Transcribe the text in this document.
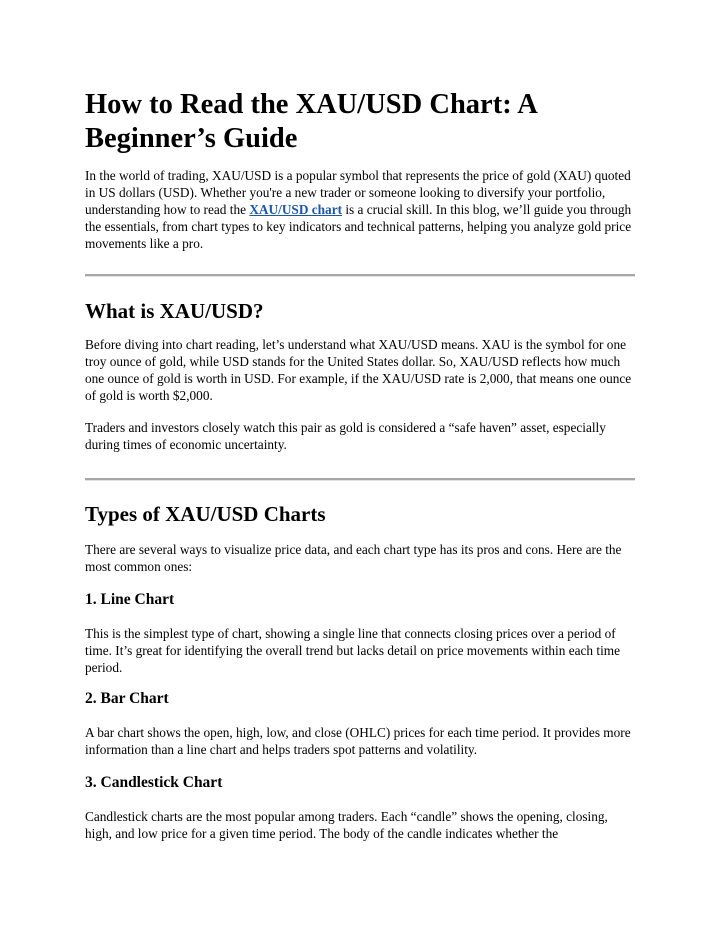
How to Read the XAU/USD Chart: A Beginner’s Guide

In the world of trading, XAU/USD is a popular symbol that represents the price of gold (XAU) quoted in US dollars (USD). Whether you're a new trader or someone looking to diversify your portfolio, understanding how to read the XAU/USD chart is a crucial skill. In this blog, we’ll guide you through the essentials, from chart types to key indicators and technical patterns, helping you analyze gold price movements like a pro.

What is XAU/USD?

Before diving into chart reading, let’s understand what XAU/USD means. XAU is the symbol for one troy ounce of gold, while USD stands for the United States dollar. So, XAU/USD reflects how much one ounce of gold is worth in USD. For example, if the XAU/USD rate is 2,000, that means one ounce of gold is worth $2,000.

Traders and investors closely watch this pair as gold is considered a “safe haven” asset, especially during times of economic uncertainty.

Types of XAU/USD Charts

There are several ways to visualize price data, and each chart type has its pros and cons. Here are the most common ones:

1. Line Chart

This is the simplest type of chart, showing a single line that connects closing prices over a period of time. It’s great for identifying the overall trend but lacks detail on price movements within each time period.

2. Bar Chart

A bar chart shows the open, high, low, and close (OHLC) prices for each time period. It provides more information than a line chart and helps traders spot patterns and volatility.

3. Candlestick Chart

Candlestick charts are the most popular among traders. Each “candle” shows the opening, closing, high, and low price for a given time period. The body of the candle indicates whether the
